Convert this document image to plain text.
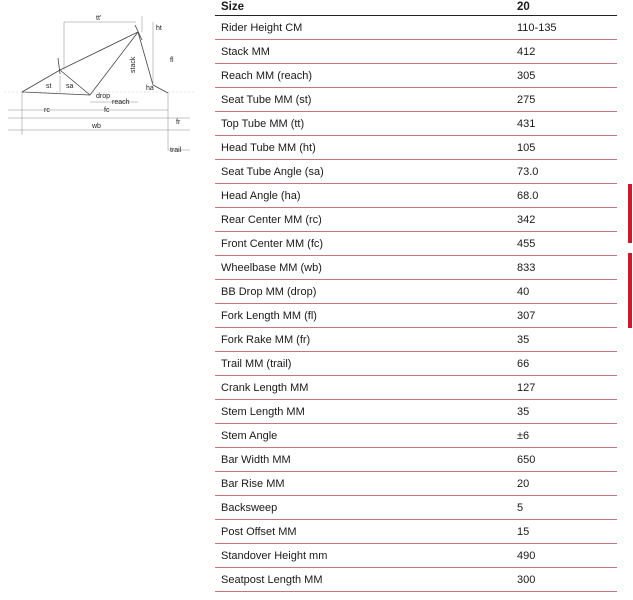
tt'
ht
stack	fl
st sa
drop
reach
ha
rc	fc
wb
fr
trail
Size	20
Rider Height CM	110-135
Stack MM	412
Reach MM (reach)	305
Seat Tube MM (st)	275
Top Tube MM (tt)	431
Head Tube MM (ht)	105
Seat Tube Angle (sa)	73.0
Head Angle (ha)	68.0
Rear Center MM (rc)	342
Front Center MM (fc)	455
Wheelbase MM (wb)	833
BB Drop MM (drop)	40
Fork Length MM (fl)	307
Fork Rake MM (fr)	35
Trail MM (trail)	66
Crank Length MM	127
Stem Length MM	35
Stem Angle	±6
Bar Width MM	650
Bar Rise MM	20
Backsweep	5
Post Offset MM	15
Standover Height mm	490
Seatpost Length MM	300
